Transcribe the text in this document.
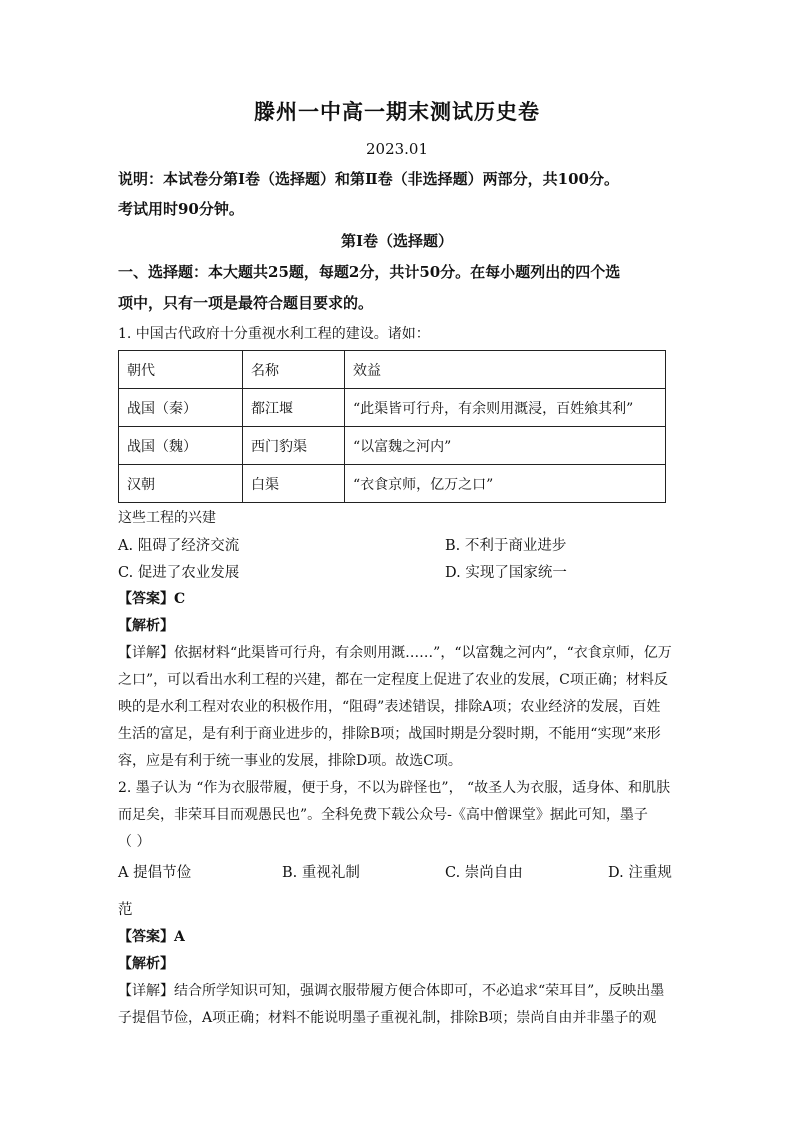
滕州一中高一期末测试历史卷
2023.01
说明：本试卷分第Ⅰ卷（选择题）和第Ⅱ卷（非选择题）两部分，共100分。
考试用时90分钟。
第Ⅰ卷（选择题）
一、选择题：本大题共25题，每题2分，共计50分。在每小题列出的四个选
项中，只有一项是最符合题目要求的。
1. 中国古代政府十分重视水利工程的建设。诸如：
朝代	名称	效益
战国（秦）	都江堰	“此渠皆可行舟，有余则用溉浸，百姓飨其利”
战国（魏）	西门豹渠	“以富魏之河内”
汉朝	白渠	“衣食京师，亿万之口”
这些工程的兴建
A. 阻碍了经济交流	B. 不利于商业进步
C. 促进了农业发展	D. 实现了国家统一
【答案】C
【解析】
【详解】依据材料“此渠皆可行舟，有余则用溉……”，“以富魏之河内”，“衣食京师，亿万
之口”，可以看出水利工程的兴建，都在一定程度上促进了农业的发展，C项正确；材料反
映的是水利工程对农业的积极作用，“阻碍”表述错误，排除A项；农业经济的发展，百姓
生活的富足，是有利于商业进步的，排除B项；战国时期是分裂时期，不能用“实现”来形
容，应是有利于统一事业的发展，排除D项。故选C项。
2. 墨子认为 “作为衣服带履，便于身，不以为辟怪也”， “故圣人为衣服，适身体、和肌肤
而足矣，非荣耳目而观愚民也”。全科免费下载公众号-《高中僧课堂》据此可知，墨子
（ ）
A 提倡节俭	B. 重视礼制	C. 崇尚自由	D. 注重规
范
【答案】A
【解析】
【详解】结合所学知识可知，强调衣服带履方便合体即可，不必追求“荣耳目”，反映出墨
子提倡节俭，A项正确；材料不能说明墨子重视礼制，排除B项；崇尚自由并非墨子的观
